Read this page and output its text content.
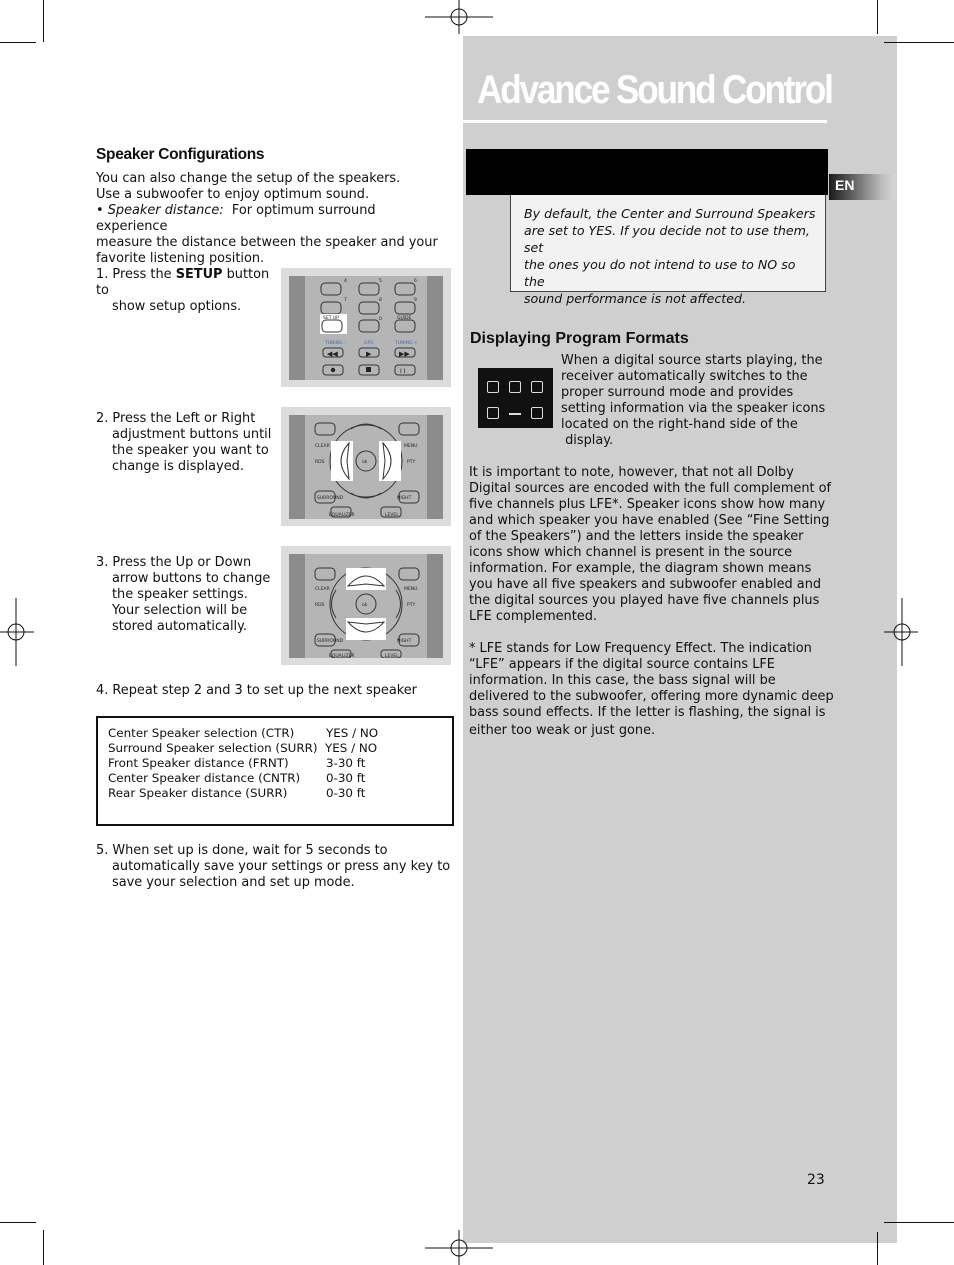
Advance Sound Control
EN
By default, the Center and Surround Speakers
are set to YES. If you decide not to use them, set
the ones you do not intend to use to NO so the
sound performance is not affected.
Speaker Configurations
You can also change the setup of the speakers.
Use a subwoofer to enjoy optimum sound.
• Speaker distance: For optimum surround experience
measure the distance between the speaker and your
favorite listening position.
1. Press the SETUP button to
show setup options.
4	5	6
7	8	9
0
SET UP	GUIDE
TUNING -	GPS	TUNING +
◀◀	▶	▶▶
I I
2. Press the Left or Right
adjustment buttons until
the speaker you want to
change is displayed.
CLEAR	MENU
RDS	PTY
ok
SURROUND	NIGHT
EQUALIZER	LEVEL
3. Press the Up or Down
arrow buttons to change
the speaker settings.
Your selection will be
stored automatically.
CLEAR	MENU
RDS	PTY
ok
SURROUND	NIGHT
EQUALIZER	LEVEL
4. Repeat step 2 and 3 to set up the next speaker
Center Speaker selection (CTR)	YES / NO
Surround Speaker selection (SURR) YES / NO
Front Speaker distance (FRNT)	3-30 ft
Center Speaker distance (CNTR) 0-30 ft
Rear Speaker distance (SURR)	0-30 ft
5. When set up is done, wait for 5 seconds to
automatically save your settings or press any key to
save your selection and set up mode.
Displaying Program Formats
When a digital source starts playing, the
receiver automatically switches to the
proper surround mode and provides
setting information via the speaker icons
located on the right-hand side of the
display.
It is important to note, however, that not all Dolby
Digital sources are encoded with the full complement of
five channels plus LFE*. Speaker icons show how many
and which speaker you have enabled (See “Fine Setting
of the Speakers”) and the letters inside the speaker
icons show which channel is present in the source
information. For example, the diagram shown means
you have all five speakers and subwoofer enabled and
the digital sources you played have five channels plus
LFE complemented.
* LFE stands for Low Frequency Effect. The indication
“LFE” appears if the digital source contains LFE
information. In this case, the bass signal will be
delivered to the subwoofer, offering more dynamic deep
bass sound effects. If the letter is flashing, the signal is
either too weak or just gone.
23
